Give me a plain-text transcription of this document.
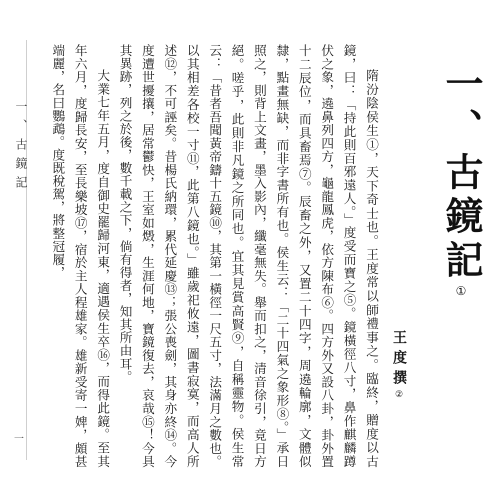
一、古鏡記
一
一、古鏡記①
王度撰②

隋汾陰侯生①，天下奇士也。王度常以師禮事之。臨終，贈度以古鏡，曰：「持此則百邪遠人。」度受而寶之⑤。鏡橫徑八寸，鼻作麒麟蹲伏之象，遶鼻列四方，龜龍鳳虎，依方陳布⑥。四方外又設八卦，卦外置十二辰位，而具畜焉⑦。辰畜之外，又置二十四字，周遶輪廓，文體似隸，點畫無缺，而非字書所有也。侯生云：「二十四氣之象形⑧。」承日照之，則背上文畫，墨入影內，纖毫無失。舉而扣之，清音徐引，竟日方絕。嗟乎，此則非凡鏡之所同也。宜其見賞高賢⑨，自稱靈物。侯生常云：「昔者吾聞黃帝鑄十五鏡⑩，其第一橫徑一尺五寸，法滿月之數也。以其相差各校一寸⑪，此第八鏡也。」雖歲祀攸遠，圖書寂寞，而高人所述⑫，不可誣矣。昔楊氏納環，累代延慶⑬；張公喪劍，其身亦終⑭。今度遭世擾攘，居常鬱快，王室如燬，生涯何地，寶鏡復去，哀哉⑮！今具其異跡，列之於後，數千載之下，倘有得者，知其所由耳。

大業七年五月，度自御史罷歸河東，適遇侯生卒⑯，而得此鏡。至其年六月，度歸長安，至長樂坡⑰，宿於主人程雄家。雄新受寄一婢，頗甚端麗，名曰鸚鵡。度既稅駕，將整冠履，
